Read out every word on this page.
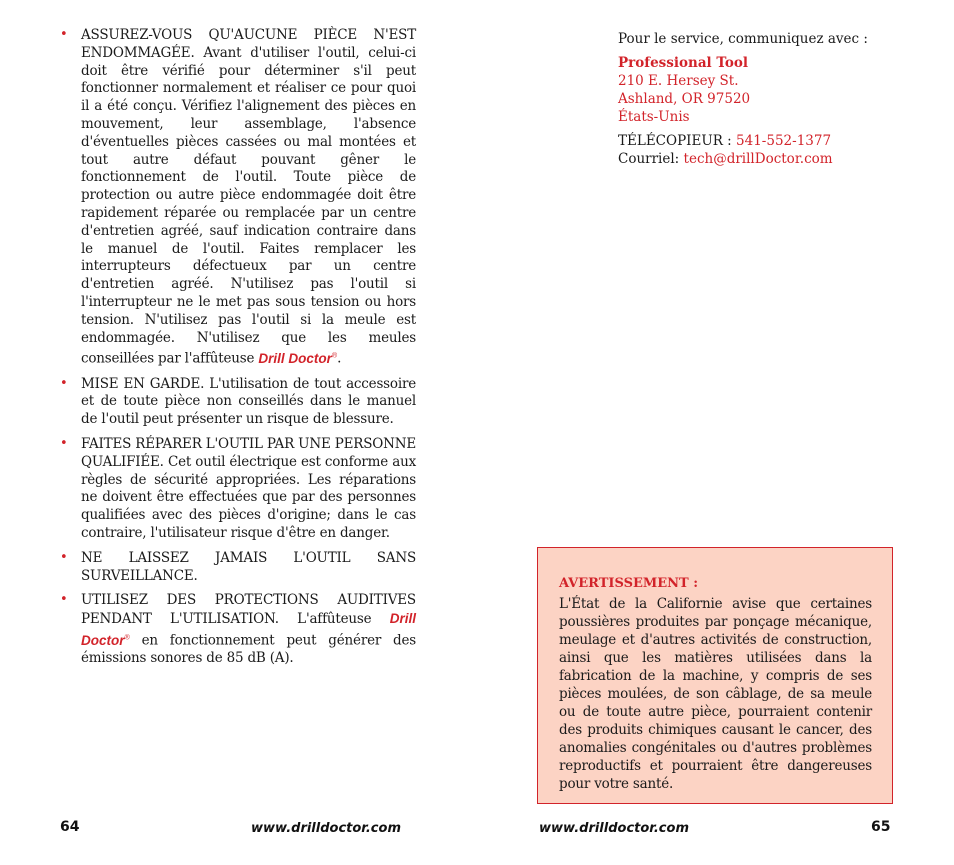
• ASSUREZ-VOUS QU'AUCUNE PIÈCE N'EST ENDOMMAGÉE. Avant d'utiliser l'outil, celui-ci doit être vérifié pour déterminer s'il peut fonctionner normalement et réaliser ce pour quoi il a été conçu. Vérifiez l'alignement des pièces en mouvement, leur assemblage, l'absence d'éventuelles pièces cassées ou mal montées et tout autre défaut pouvant gêner le fonctionnement de l'outil. Toute pièce de protection ou autre pièce endommagée doit être rapidement réparée ou remplacée par un centre d'entretien agréé, sauf indication contraire dans le manuel de l'outil. Faites remplacer les interrupteurs défectueux par un centre d'entretien agréé. N'utilisez pas l'outil si l'interrupteur ne le met pas sous tension ou hors tension. N'utilisez pas l'outil si la meule est endommagée. N'utilisez que les meules conseillées par l'affûteuse Drill Doctor®.
• MISE EN GARDE. L'utilisation de tout accessoire et de toute pièce non conseillés dans le manuel de l'outil peut présenter un risque de blessure.
• FAITES RÉPARER L'OUTIL PAR UNE PERSONNE QUALIFIÉE. Cet outil électrique est conforme aux règles de sécurité appropriées. Les réparations ne doivent être effectuées que par des personnes qualifiées avec des pièces d'origine; dans le cas contraire, l'utilisateur risque d'être en danger.
• NE LAISSEZ JAMAIS L'OUTIL SANS SURVEILLANCE.
• UTILISEZ DES PROTECTIONS AUDITIVES PENDANT L'UTILISATION. L'affûteuse Drill Doctor® en fonctionnement peut générer des émissions sonores de 85 dB (A).
Pour le service, communiquez avec :
Professional Tool
210 E. Hersey St.
Ashland, OR 97520
États-Unis
TÉLÉCOPIEUR : 541-552-1377
Courriel: tech@drillDoctor.com
AVERTISSEMENT :
L'État de la Californie avise que certaines poussières produites par ponçage mécanique, meulage et d'autres activités de construction, ainsi que les matières utilisées dans la fabrication de la machine, y compris de ses pièces moulées, de son câblage, de sa meule ou de toute autre pièce, pourraient contenir des produits chimiques causant le cancer, des anomalies congénitales ou d'autres problèmes reproductifs et pourraient être dangereuses pour votre santé.
64	www.drilldoctor.com	www.drilldoctor.com	65
